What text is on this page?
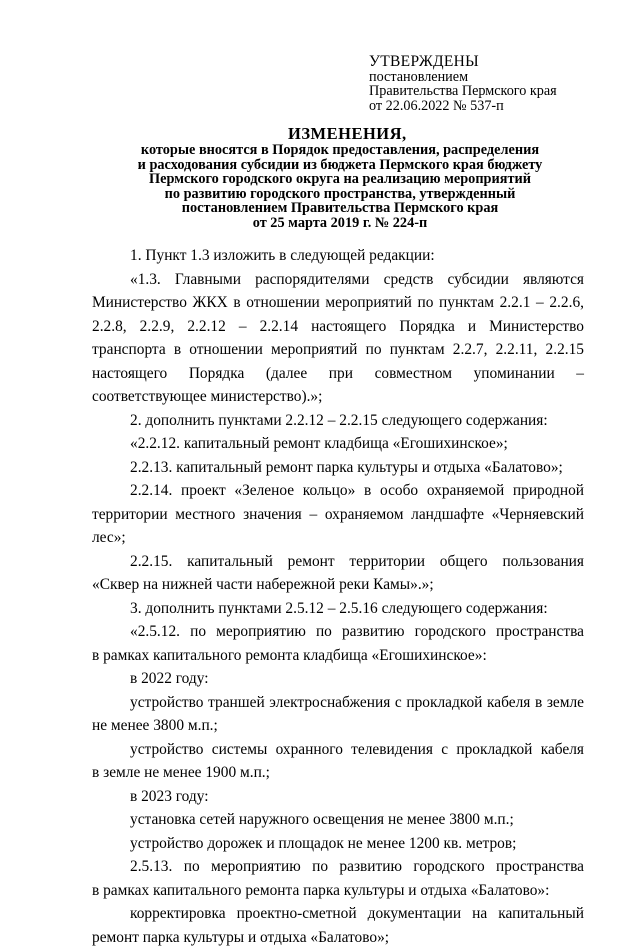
УТВЕРЖДЕНЫ
постановлением
Правительства Пермского края
от 22.06.2022 № 537-п
ИЗМЕНЕНИЯ,
которые вносятся в Порядок предоставления, распределения
и расходования субсидии из бюджета Пермского края бюджету
Пермского городского округа на реализацию мероприятий
по развитию городского пространства, утвержденный
постановлением Правительства Пермского края
от 25 марта 2019 г. № 224-п

1. Пункт 1.3 изложить в следующей редакции:

«1.3. Главными распорядителями средств субсидии являются

Министерство ЖКХ в отношении мероприятий по пунктам 2.2.1 – 2.2.6,

2.2.8, 2.2.9, 2.2.12 – 2.2.14 настоящего Порядка и Министерство

транспорта в отношении мероприятий по пунктам 2.2.7, 2.2.11, 2.2.15

настоящего Порядка (далее при совместном упоминании –

соответствующее министерство).»;

2. дополнить пунктами 2.2.12 – 2.2.15 следующего содержания:

«2.2.12. капитальный ремонт кладбища «Егошихинское»;

2.2.13. капитальный ремонт парка культуры и отдыха «Балатово»;

2.2.14. проект «Зеленое кольцо» в особо охраняемой природной

территории местного значения – охраняемом ландшафте «Черняевский

лес»;

2.2.15. капитальный ремонт территории общего пользования

«Сквер на нижней части набережной реки Камы».»;

3. дополнить пунктами 2.5.12 – 2.5.16 следующего содержания:

«2.5.12. по мероприятию по развитию городского пространства

в рамках капитального ремонта кладбища «Егошихинское»:

в 2022 году:

устройство траншей электроснабжения с прокладкой кабеля в земле

не менее 3800 м.п.;

устройство системы охранного телевидения с прокладкой кабеля

в земле не менее 1900 м.п.;

в 2023 году:

установка сетей наружного освещения не менее 3800 м.п.;

устройство дорожек и площадок не менее 1200 кв. метров;

2.5.13. по мероприятию по развитию городского пространства

в рамках капитального ремонта парка культуры и отдыха «Балатово»:

корректировка проектно-сметной документации на капитальный

ремонт парка культуры и отдыха «Балатово»;
